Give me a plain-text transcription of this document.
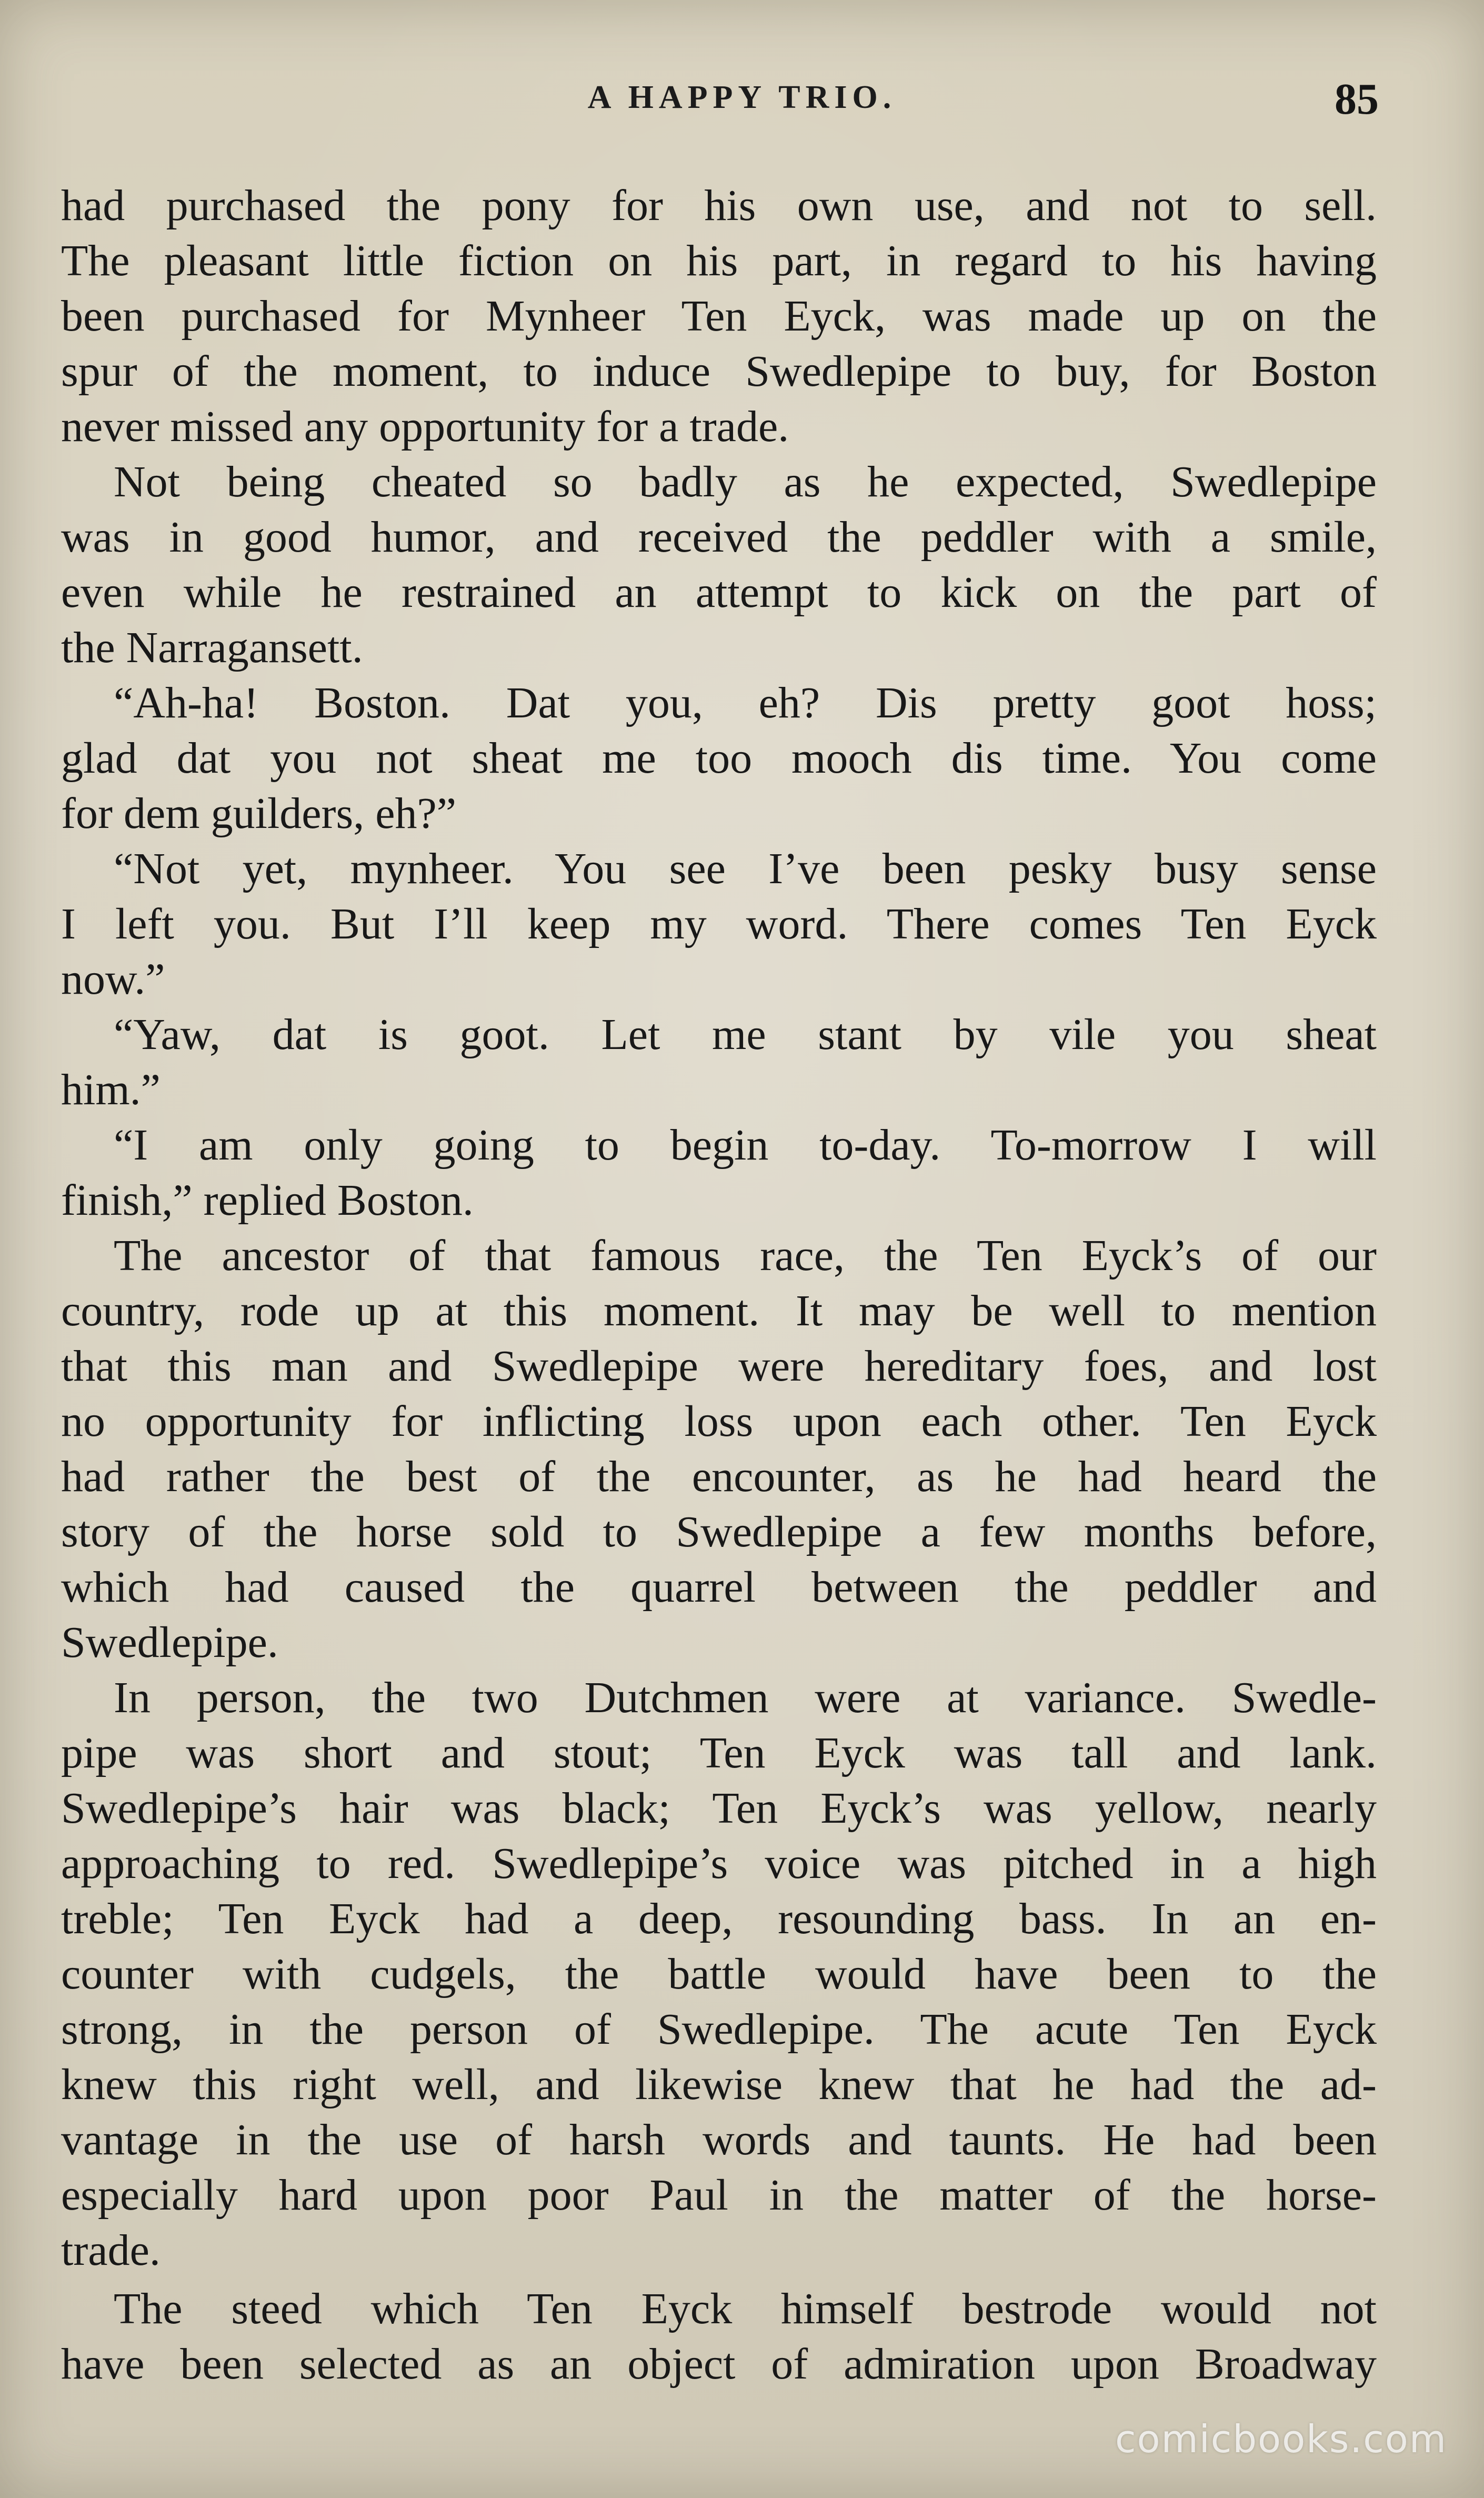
A HAPPY TRIO.	85
had purchased the pony for his own use, and not to sell.
The pleasant little fiction on his part, in regard to his having
been purchased for Mynheer Ten Eyck, was made up on the
spur of the moment, to induce Swedlepipe to buy, for Boston
never missed any opportunity for a trade.
Not being cheated so badly as he expected, Swedlepipe
was in good humor, and received the peddler with a smile,
even while he restrained an attempt to kick on the part of
the Narragansett.
“Ah-ha! Boston. Dat you, eh? Dis pretty goot hoss;
glad dat you not sheat me too mooch dis time. You come
for dem guilders, eh?”
“Not yet, mynheer. You see I’ve been pesky busy sense
I left you. But I’ll keep my word. There comes Ten Eyck
now.”
“Yaw, dat is goot. Let me stant by vile you sheat
him.”
“I am only going to begin to-day. To-morrow I will
finish,” replied Boston.
The ancestor of that famous race, the Ten Eyck’s of our
country, rode up at this moment. It may be well to mention
that this man and Swedlepipe were hereditary foes, and lost
no opportunity for inflicting loss upon each other. Ten Eyck
had rather the best of the encounter, as he had heard the
story of the horse sold to Swedlepipe a few months before,
which had caused the quarrel between the peddler and
Swedlepipe.
In person, the two Dutchmen were at variance. Swedle-
pipe was short and stout; Ten Eyck was tall and lank.
Swedlepipe’s hair was black; Ten Eyck’s was yellow, nearly
approaching to red. Swedlepipe’s voice was pitched in a high
treble; Ten Eyck had a deep, resounding bass. In an en-
counter with cudgels, the battle would have been to the
strong, in the person of Swedlepipe. The acute Ten Eyck
knew this right well, and likewise knew that he had the ad-
vantage in the use of harsh words and taunts. He had been
especially hard upon poor Paul in the matter of the horse-
trade.
The steed which Ten Eyck himself bestrode would not
have been selected as an object of admiration upon Broadway
comicbooks.com
